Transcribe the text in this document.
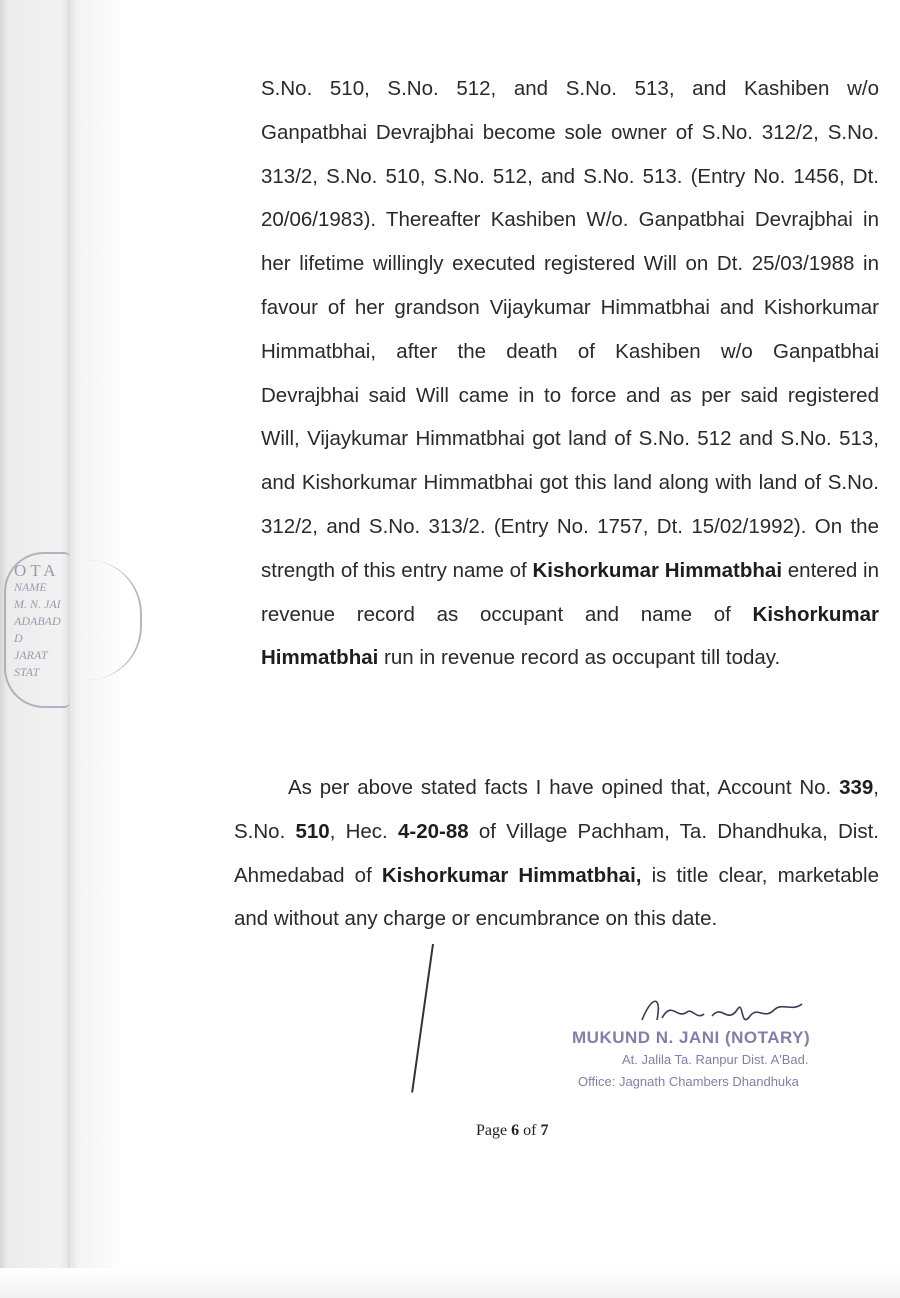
OTA
NAME
M. N. JAI
ADABAD D
JARAT STAT

S.No. 510, S.No. 512, and S.No. 513, and Kashiben w/o Ganpatbhai Devrajbhai become sole owner of S.No. 312/2, S.No. 313/2, S.No. 510, S.No. 512, and S.No. 513. (Entry No. 1456, Dt. 20/06/1983). Thereafter Kashiben W/o. Ganpatbhai Devrajbhai in her lifetime willingly executed registered Will on Dt. 25/03/1988 in favour of her grandson Vijaykumar Himmatbhai and Kishorkumar Himmatbhai, after the death of Kashiben w/o Ganpatbhai Devrajbhai said Will came in to force and as per said registered Will, Vijaykumar Himmatbhai got land of S.No. 512 and S.No. 513, and Kishorkumar Himmatbhai got this land along with land of S.No. 312/2, and S.No. 313/2. (Entry No. 1757, Dt. 15/02/1992). On the strength of this entry name of Kishorkumar Himmatbhai entered in revenue record as occupant and name of Kishorkumar Himmatbhai run in revenue record as occupant till today.

As per above stated facts I have opined that, Account No. 339, S.No. 510, Hec. 4-20-88 of Village Pachham, Ta. Dhandhuka, Dist. Ahmedabad of Kishorkumar Himmatbhai, is title clear, marketable and without any charge or encumbrance on this date.

MUKUND N. JANI (NOTARY)
At. Jalila Ta. Ranpur Dist. A'Bad.
Office: Jagnath Chambers Dhandhuka
Page 6 of 7
